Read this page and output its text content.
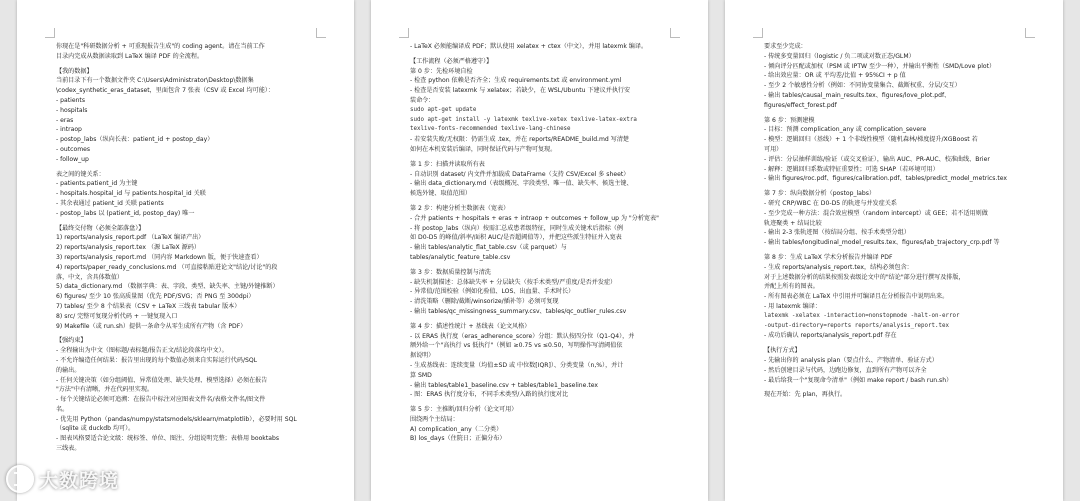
你现在是"科研数据分析 + 可重现报告生成"的 coding agent。请在当前工作
目录内完成从数据读取到 LaTeX 编译 PDF 的全流程。
【我的数据】
当前目录下有一个数据文件夹 C:\Users\Administrator\Desktop\数据集
\codex_synthetic_eras_dataset，里面包含 7 张表（CSV 或 Excel 均可能）：
- patients
- hospitals
- eras
- intraop
- postop_labs（纵向长表：patient_id + postop_day）
- outcomes
- follow_up
表之间的键关系：
- patients.patient_id 为主键
- hospitals.hospital_id 与 patients.hospital_id 关联
- 其余表通过 patient_id 关联 patients
- postop_labs 以 (patient_id, postop_day) 唯一
【最终交付物（必须全部落盘）】
1) reports/analysis_report.pdf （LaTeX 编译产出）
2) reports/analysis_report.tex （源 LaTeX 源码）
3) reports/analysis_report.md （同内容 Markdown 版，便于快速查看）
4) reports/paper_ready_conclusions.md （可直接粘贴进论文"结论/讨论"的段
落，中文，含具体数值）
5) data_dictionary.md （数据字典：表、字段、类型、缺失率、主键/外键推断）
6) figures/ 至少 10 张高质量图（优先 PDF/SVG；否 PNG 至 300dpi）
7) tables/ 至少 8 个结果表（CSV + LaTeX 三线表 tabular 版本）
8) src/ 完整可复现分析代码 + 一键复现入口
9) Makefile（或 run.sh）提供一条命令从零生成所有产物（含 PDF）
【强约束】
- 全程输出为中文（图标题/表标题/报告正文/结论段落均中文）。
- 不允许编造任何结果：报告里出现的每个数值必须来自实际运行代码/SQL
的输出。
- 任何关键决策（如分组阈值、异常值处理、缺失处理、模型选择）必须在报告
"方法"中有清晰，并在代码里实现。
- 每个关键结论必须可追溯：在报告中标注对应图表文件名/表格文件名/图文件
名。
- 优先用 Python（pandas/numpy/statsmodels/sklearn/matplotlib），必要时用 SQL
（sqlite 或 duckdb 均可）。
- 图表风格要适合论文级：统标签、单位、图注、分组说明完整；表格用 booktabs
三线表。
- LaTeX 必须能编译成 PDF；默认使用 xelatex + ctex（中文），并用 latexmk 编译。
【工作流程（必须严格遵守）】
第 0 步：先检环境自检
- 检查 python 依赖是否齐全；生成 requirements.txt 或 environment.yml
- 检查是否安装 latexmk 与 xelatex；若缺少，在 WSL/Ubuntu 下建议并执行安
装命令：
sudo apt-get update
sudo apt-get install -y latexmk texlive-xetex texlive-latex-extra
texlive-fonts-recommended texlive-lang-chinese
- 若安装失败/无权限：仍需生成 .tex，并在 reports/README_build.md 写清楚
如何在本机安装后编译，同时保证代码与产物可复现。
第 1 步：扫描并读取所有表
- 自动识别 dataset/ 内文件并加载成 DataFrame（支持 CSV/Excel 多 sheet）
- 输出 data_dictionary.md（表级概况、字段类型、唯一值、缺失率、候选主键、
候选外键、取值范围）
第 2 步：构建分析主数据表（宽表）
- 合并 patients + hospitals + eras + intraop + outcomes + follow_up 为 "分析宽表"
- 将 postop_labs（纵向）按需汇总成患者级特征，同时生成关键术后指标（例
如 D0-D5 的峰值/斜率/面积 AUC/是否超阈值等），并把这些派生特征并入宽表
- 输出 tables/analytic_flat_table.csv（或 parquet）与
tables/analytic_feature_table.csv
第 3 步：数据质量控制与清洗
- 缺失机制描述：总体缺失率 + 分层缺失（按手术类型/严重度/是否并发症）
- 异常值/范围校验（例如化验值、LOS、出血量、手术时长）
- 清洗策略（删除/截断/winsorize/插补等）必须可复现
- 输出 tables/qc_missingness_summary.csv、tables/qc_outlier_rules.csv
第 4 步：描述性统计 + 基线表（论文风格）
- 以 ERAS 执行度（eras_adherence_score）分组：默认按四分位（Q1-Q4），并
额外给一个"高执行 vs 低执行"（例如 ≥0.75 vs ≤0.50，写明操作写清阈值依
据说明）
- 生成基线表：连续变量（均值±SD 或 中位数[IQR]）、分类变量（n,%），并计
算 SMD
- 输出 tables/table1_baseline.csv + tables/table1_baseline.tex
- 图：ERAS 执行度分布，不同手术类型/入路的执行度对比
第 5 步：主推断/回归分析（论文可用）
围绕两个主结局：
A) complication_any（二分类）
B) los_days（住院日；正偏分布）
要求至少完成：
- 传统多变量回归（logistic / 负二项或对数正态/GLM）
- 倾向评分匹配或加权（PSM 或 IPTW 至少一种），并输出平衡性（SMD/Love plot）
- 给出效应量：OR 或 平均差/比值 + 95%CI + p 值
- 至少 2 个敏感性分析（例如：不同协变量集合、截断权重、分层/交互）
- 输出 tables/causal_main_results.tex、figures/love_plot.pdf、
figures/effect_forest.pdf
第 6 步：预测建模
- 目标：预测 complication_any 或 complication_severe
- 模型：逻辑回归（基线）+ 1 个非线性模型（随机森林/梯度提升/XGBoost 若
可用）
- 评估：分层抽样训练/验证（或交叉验证），输出 AUC、PR-AUC、校准曲线、Brier
- 解释：逻辑回归系数或特征重要性；可选 SHAP（若环境可用）
- 输出 figures/roc.pdf、figures/calibration.pdf、tables/predict_model_metrics.tex
第 7 步：纵向数据分析（postop_labs）
- 研究 CRP/WBC 在 D0-D5 的轨迹与并发症关系
- 至少完成一种方法：混合效应模型（random intercept）或 GEE；若不适用则做
轨迹聚类 + 结局比较
- 输出 2-3 张轨迹图（按结局分组、按手术类型分组）
- 输出 tables/longitudinal_model_results.tex、figures/lab_trajectory_crp.pdf 等
第 8 步：生成 LaTeX 学术分析报告并编译 PDF
- 生成 reports/analysis_report.tex，结构必须包含：
对于上述数据分析的结果按照发表级论文中的"结论"部分进行撰写及排版，
并配上所有的图表。
- 所有图表必须在 LaTeX 中引用并可编译且在分析报告中说明出来。
- 用 latexmk 编译：
latexmk -xelatex -interaction=nonstopmode -halt-on-error
-output-directory=reports reports/analysis_report.tex
- 成功后确认 reports/analysis_report.pdf 存在
【执行方式】
- 先输出你的 analysis plan（要点什么、产物清单、验证方式）
- 然后创建目录与代码，边跑边修复，直到所有产物可以齐全
- 最后给我一个"复现命令清单"（例如 make report / bash run.sh）
现在开始：先 plan，再执行。
大数跨境
